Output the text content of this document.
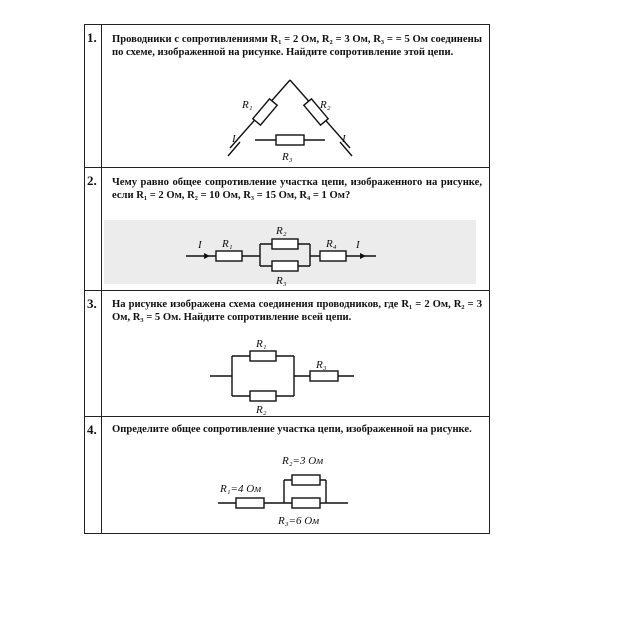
1. Проводники с сопротивлениями R₁ = 2 Ом, R₂ = 3 Ом, R₃ = = 5 Ом соединены по схеме, изображенной на рисунке. Найдите сопротивление этой цепи.

R₁	R₂
R₃
I	I
2. Чему равно общее сопротивление участка цепи, изображенного на рисунке, если R₁ = 2 Ом, R₂ = 10 Ом, R₃ = 15 Ом, R₄ = 1 Ом?

I R₁
R₂
R₃
R₄ I
3. На рисунке изображена схема соединения проводников, где R₁ = 2 Ом, R₂ = 3 Ом, R₃ = 5 Ом. Найдите сопротивление всей цепи.

R₁
R₂
R₃
4. Определите общее сопротивление участка цепи, изображенной на рисунке.

R₂=3 Ом
R₁=4 Ом
R₃=6 Ом
